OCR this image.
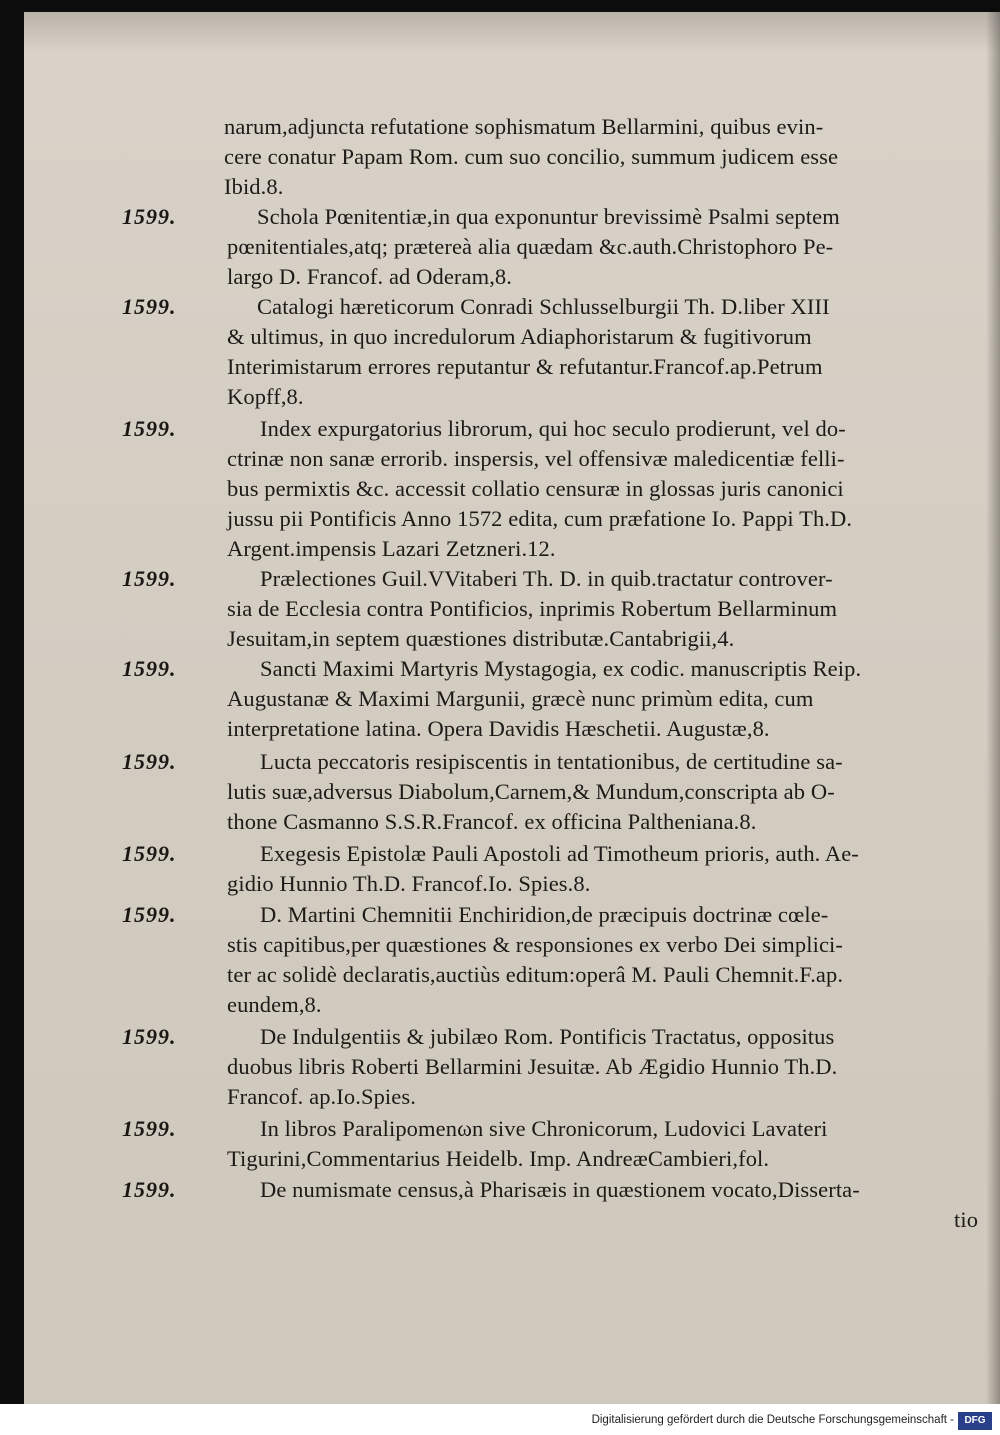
narum,adjuncta refutatione sophismatum Bellarmini, quibus evin-
cere conatur Papam Rom. cum suo concilio, summum judicem esse
Ibid.8.
1599.	Schola Pœnitentiæ,in qua exponuntur brevissimè Psalmi septem
pœnitentiales,atq; prætereà alia quædam &c.auth.Christophoro Pe-
largo D. Francof. ad Oderam,8.
1599.	Catalogi hæreticorum Conradi Schlusselburgii Th. D.liber XIII
& ultimus, in quo incredulorum Adiaphoristarum & fugitivorum
Interimistarum errores reputantur & refutantur.Francof.ap.Petrum
Kopff,8.
1599.	Index expurgatorius librorum, qui hoc seculo prodierunt, vel do-
ctrinæ non sanæ errorib. inspersis, vel offensivæ maledicentiæ felli-
bus permixtis &c. accessit collatio censuræ in glossas juris canonici
jussu pii Pontificis Anno 1572 edita, cum præfatione Io. Pappi Th.D.
Argent.impensis Lazari Zetzneri.12.
1599.	Prælectiones Guil.VVitaberi Th. D. in quib.tractatur controver-
sia de Ecclesia contra Pontificios, inprimis Robertum Bellarminum
Jesuitam,in septem quæstiones distributæ.Cantabrigii,4.
1599.	Sancti Maximi Martyris Mystagogia, ex codic. manuscriptis Reip.
Augustanæ & Maximi Margunii, græcè nunc primùm edita, cum
interpretatione latina. Opera Davidis Hæschetii. Augustæ,8.
1599.	Lucta peccatoris resipiscentis in tentationibus, de certitudine sa-
lutis suæ,adversus Diabolum,Carnem,& Mundum,conscripta ab O-
thone Casmanno S.S.R.Francof. ex officina Paltheniana.8.
1599.	Exegesis Epistolæ Pauli Apostoli ad Timotheum prioris, auth. Ae-
gidio Hunnio Th.D. Francof.Io. Spies.8.
1599.	D. Martini Chemnitii Enchiridion,de præcipuis doctrinæ cœle-
stis capitibus,per quæstiones & responsiones ex verbo Dei simplici-
ter ac solidè declaratis,auctiùs editum:operâ M. Pauli Chemnit.F.ap.
eundem,8.
1599.	De Indulgentiis & jubilæo Rom. Pontificis Tractatus, oppositus
duobus libris Roberti Bellarmini Jesuitæ. Ab Ægidio Hunnio Th.D.
Francof. ap.Io.Spies.
1599.	In libros Paralipomenωn sive Chronicorum, Ludovici Lavateri
Tigurini,Commentarius Heidelb. Imp. AndreæCambieri,fol.
1599.	De numismate census,à Pharisæis in quæstionem vocato,Disserta-
tio
Digitalisierung gefördert durch die Deutsche Forschungsgemeinschaft -	DFG
